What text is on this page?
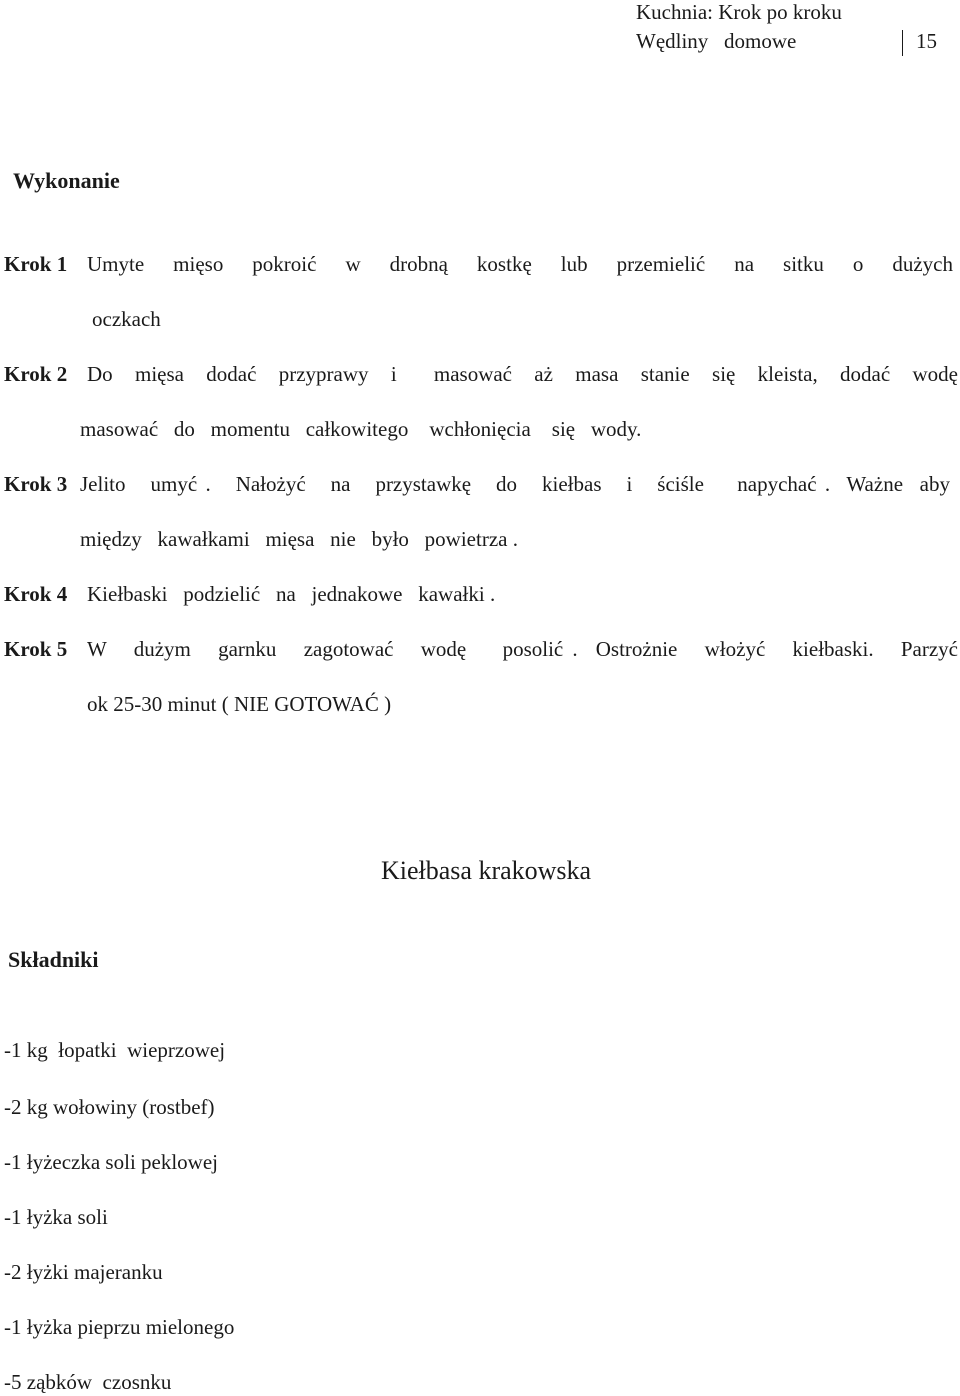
Kuchnia: Krok po kroku
Wędliny   domowe	15
Wykonanie
Krok 1 Umyte   mięso   pokroić   w   drobną   kostkę   lub   przemielić   na   sitku   o   dużych
oczkach
Krok 2 Do   mięsa   dodać   przyprawy   i     masować   aż   masa   stanie   się   kleista,   dodać   wodę
masować   do   momentu   całkowitego    wchłonięcia    się   wody.
Krok 3 Jelito   umyć .   Nałożyć   na   przystawkę   do   kiełbas   i   ściśle    napychać .  Ważne  aby
między   kawałkami   mięsa   nie   było   powietrza .
Krok 4 Kiełbaski   podzielić   na   jednakowe   kawałki .
Krok 5 W   dużym   garnku   zagotować   wodę    posolić .  Ostrożnie   włożyć   kiełbaski.   Parzyć
ok 25-30 minut ( NIE GOTOWAĆ )
Kiełbasa krakowska
Składniki
-1 kg  łopatki  wieprzowej
-2 kg wołowiny (rostbef)
-1 łyżeczka soli peklowej
-1 łyżka soli
-2 łyżki majeranku
-1 łyżka pieprzu mielonego
-5 ząbków  czosnku
